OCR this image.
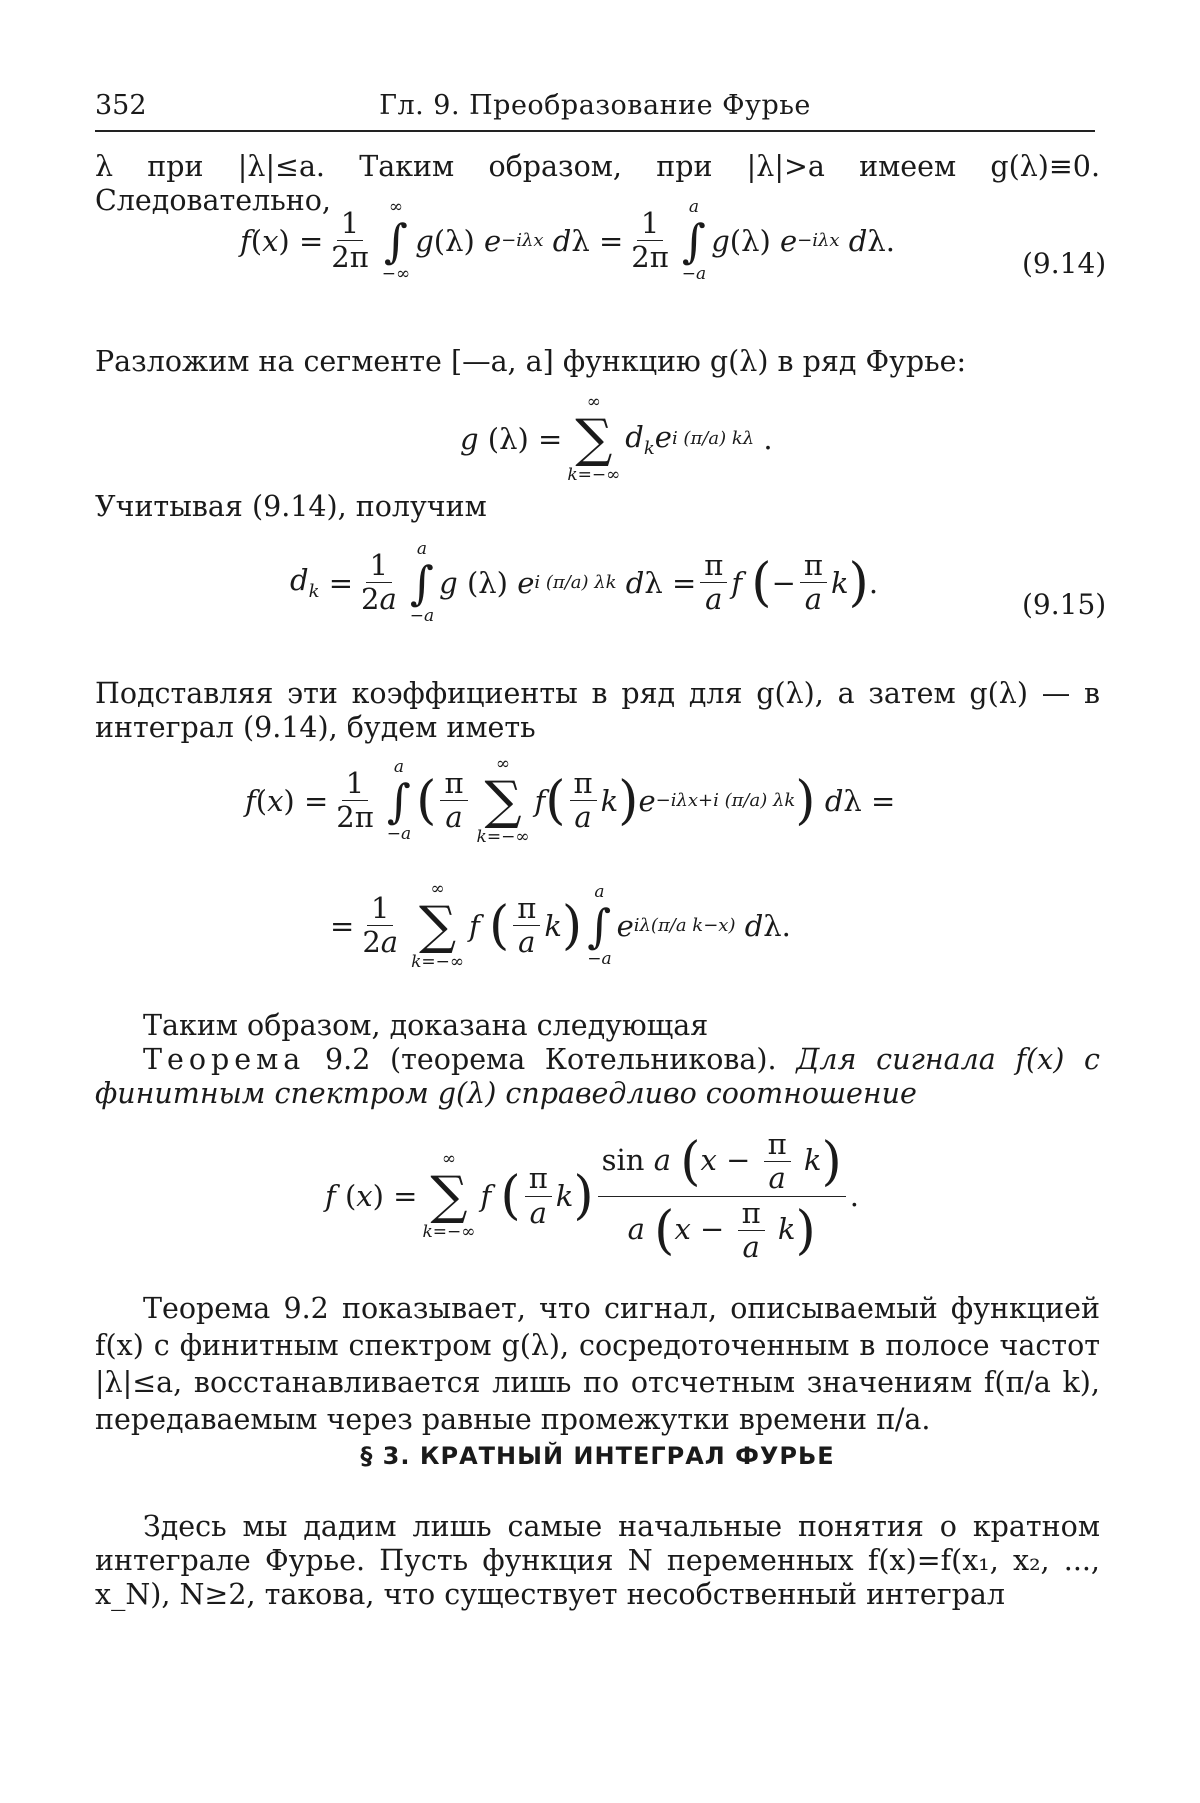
352	Гл. 9. Преобразование Фурье
λ при |λ|≤a. Таким образом, при |λ|>a имеем g(λ)≡0. Следовательно,
f ( x ) = $\frac{1}{2\pi}$ ∞
∫
−∞
g (λ) e −iλx
d $\lambda = \frac{1}{2\pi}$ a
∫
−a
g (λ) e −iλx
d λ.
(9.14)
Разложим на сегменте [—a, a] функцию g(λ) в ряд Фурье:
g (λ) =
∞
∑
k=−∞
$d_ke$ i (π/a) kλ .
Учитывая (9.14), получим
$d_k = \frac{1}{2a}$ a
∫
−a
g (λ) e i (π/a) λk
d $\lambda = \frac{\pi}{a}$ f
( − $\frac{\pi}{a}$ k ) .
(9.15)
Подставляя эти коэффициенты в ряд для g(λ), а затем g(λ) — в интеграл (9.14), будем иметь
f ( x ) = $\frac{1}{2\pi}$ a
∫
−a
( $\frac{\pi}{a}$
∞
∑
k=−∞
f ( $\frac{\pi}{a}$ k ) e −iλx+i (π/a) λk )
d λ =
= $\frac{1}{2a}$
∞
∑
k=−∞
f
( $\frac{\pi}{a}$ k )
a
∫
−a
e iλ(π/a k−x)
d λ.
Таким образом, доказана следующая
Теорема 9.2 (теорема Котельникова). Для сигнала f(x) с финитным спектром g(λ) справедливо соотношение
f ( x ) =
∞
∑
k=−∞
f
( $\frac{\pi}{a}$ k ) $\frac{\sin a (x - \frac{\pi}{a} k)}{a (x - \frac{\pi}{a} k)}$ .
Теорема 9.2 показывает, что сигнал, описываемый функцией f(x) с финитным спектром g(λ), сосредоточенным в полосе частот |λ|≤a, восстанавливается лишь по отсчетным значениям f(π/a k), передаваемым через равные промежутки времени π/a.
§ 3. КРАТНЫЙ ИНТЕГРАЛ ФУРЬЕ
Здесь мы дадим лишь самые начальные понятия о кратном интеграле Фурье. Пусть функция N переменных f(x)=f(x₁, x₂, ..., x_N), N≥2, такова, что существует несобственный интеграл
